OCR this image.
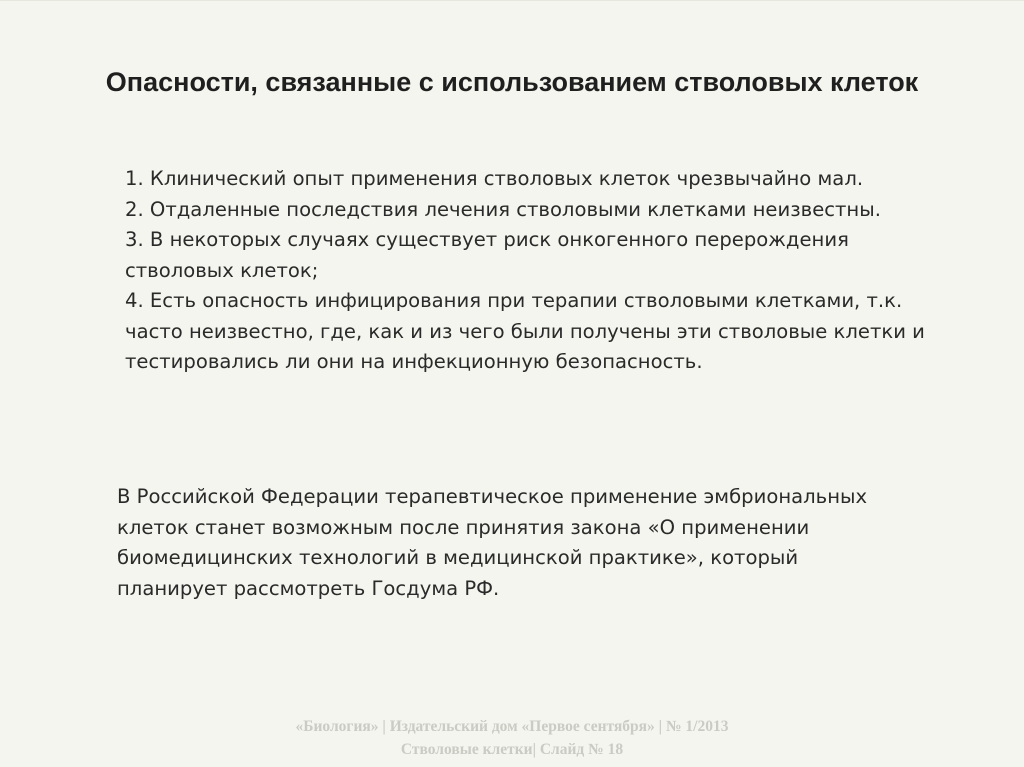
Опасности, связанные с использованием стволовых клеток
1. Клинический опыт применения стволовых клеток чрезвычайно мал.
2. Отдаленные последствия лечения стволовыми клетками неизвестны.
3. В некоторых случаях существует риск онкогенного перерождения стволовых клеток;
4. Есть опасность инфицирования при терапии стволовыми клетками, т.к. часто неизвестно, где, как и из чего были получены эти стволовые клетки и тестировались ли они на инфекционную безопасность.

В Российской Федерации терапевтическое применение эмбриональных клеток станет возможным после принятия закона «О применении биомедицинских технологий в медицинской практике», который планирует рассмотреть Госдума РФ.

«Биология» | Издательский дом «Первое сентября» | № 1/2013
Стволовые клетки| Слайд № 18
